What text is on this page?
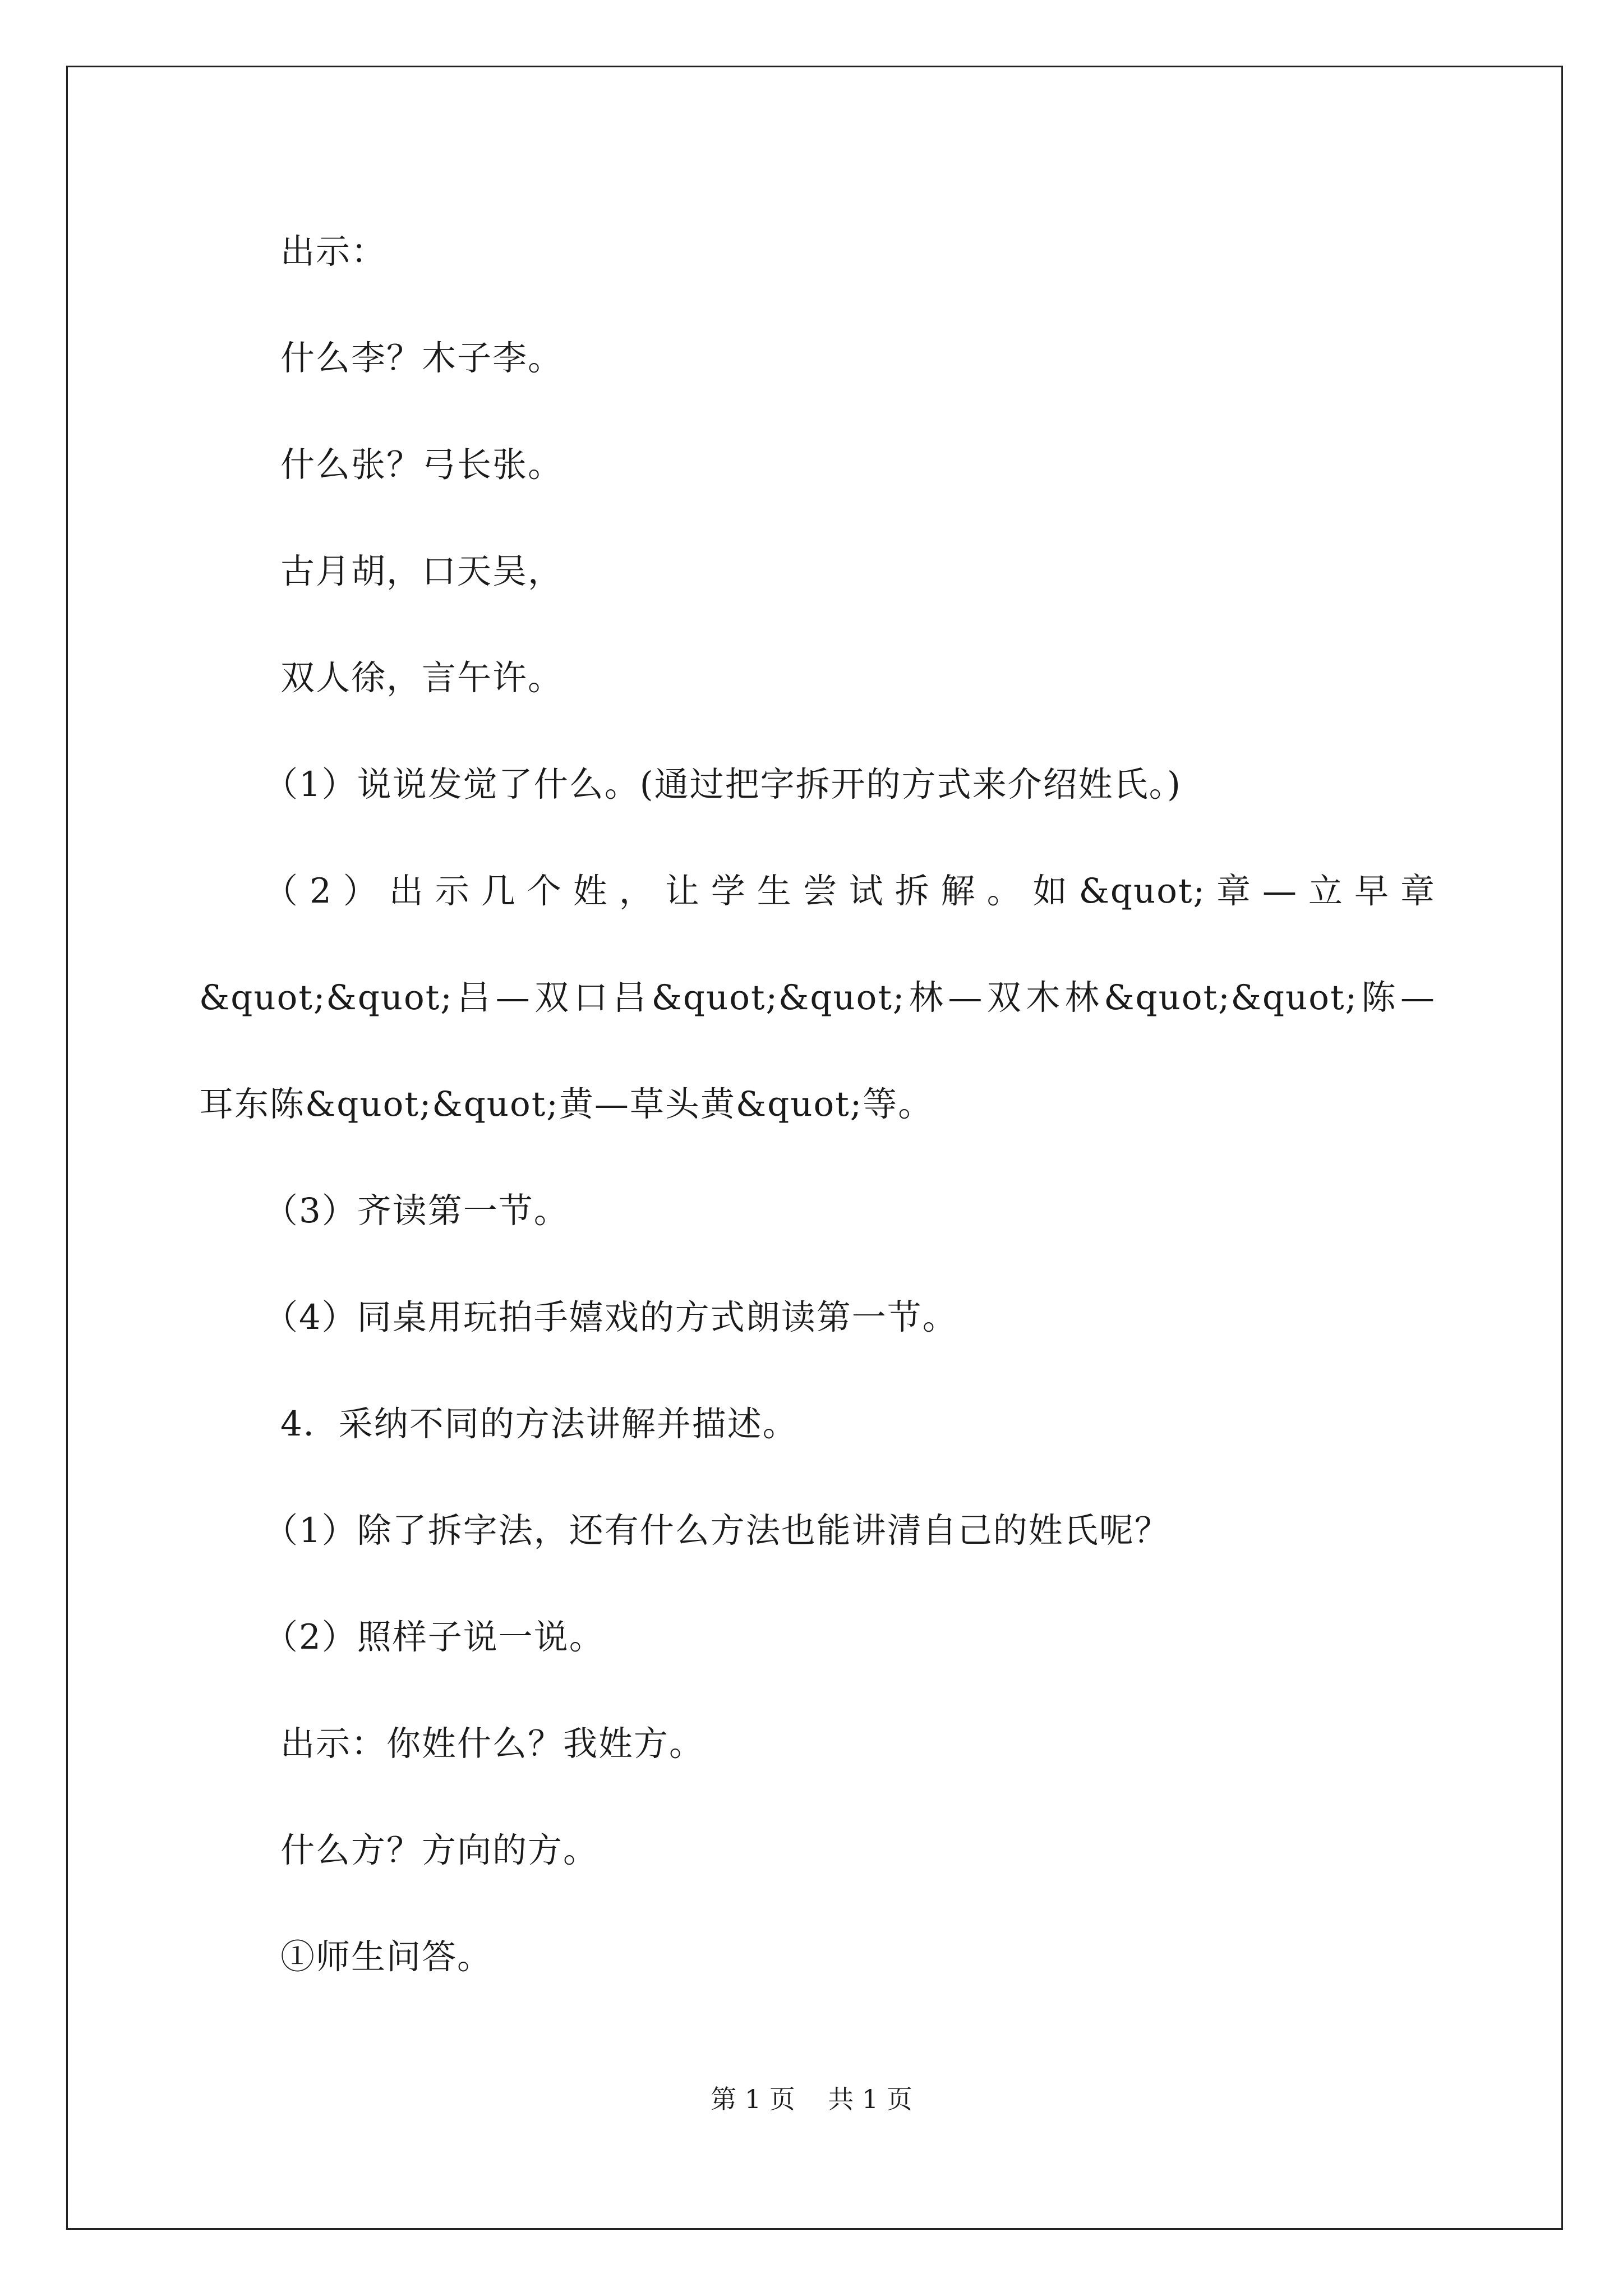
出示：
什么李？木子李。
什么张？弓长张。
古月胡，口天吴，
双人徐，言午许。
（1）说说发觉了什么。(通过把字拆开的方式来介绍姓氏。)
（2）出示几个姓，让学生尝试拆解。如&quot;章—立早章
&quot;&quot;吕—双口吕&quot;&quot;林—双木林&quot;&quot;陈—
耳东陈&quot;&quot;黄—草头黄&quot;等。
（3）齐读第一节。
（4）同桌用玩拍手嬉戏的方式朗读第一节。
4．采纳不同的方法讲解并描述。
（1）除了拆字法，还有什么方法也能讲清自己的姓氏呢？
（2）照样子说一说。
出示：你姓什么？我姓方。
什么方？方向的方。
①师生问答。
第 1 页    共 1 页
